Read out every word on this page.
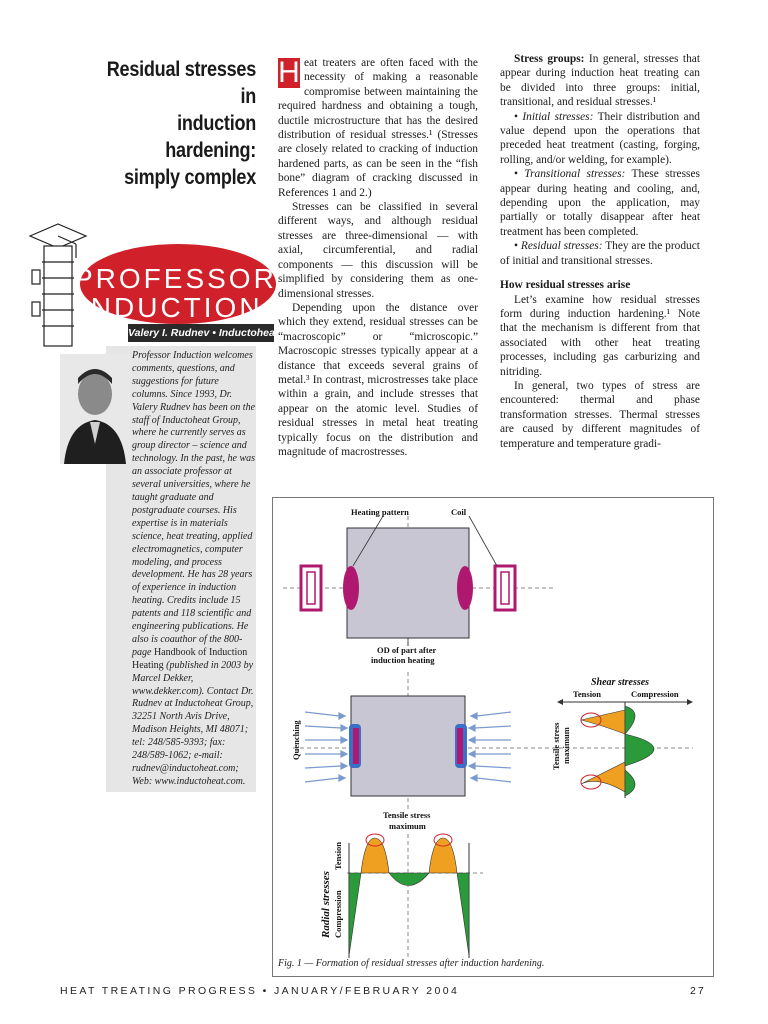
Residual stresses in
induction hardening:
simply complex
PROFESSOR
INDUCTION
Valery I. Rudnev • Inductoheat Group

Professor Induction welcomes comments, questions, and suggestions for future columns. Since 1993, Dr. Valery Rudnev has been on the staff of Inductoheat Group, where he currently serves as group director – science and technology. In the past, he was an associate professor at several universities, where he taught graduate and postgraduate courses. His expertise is in materials science, heat treating, applied electromagnetics, computer modeling, and process development. He has 28 years of experience in induction heating. Credits include 15 patents and 118 scientific and engineering publications. He also is coauthor of the 800-page Handbook of Induction Heating (published in 2003 by Marcel Dekker, www.dekker.com). Contact Dr. Rudnev at Inductoheat Group, 32251 North Avis Drive, Madison Heights, MI 48071; tel: 248/585-9393; fax: 248/589-1062; e-mail: rudnev@inductoheat.com; Web: www.inductoheat.com.

H eat treaters are often faced with the necessity of making a reasonable compromise between maintaining the required hardness and obtaining a tough, ductile microstructure that has the desired distribution of residual stresses.¹ (Stresses are closely related to cracking of induction hardened parts, as can be seen in the “fish bone” diagram of cracking discussed in References 1 and 2.)

Stresses can be classified in several different ways, and although residual stresses are three-dimensional — with axial, circumferential, and radial components — this discussion will be simplified by considering them as one-dimensional stresses.

Depending upon the distance over which they extend, residual stresses can be “macroscopic” or “microscopic.” Macroscopic stresses typically appear at a distance that exceeds several grains of metal.³ In contrast, microstresses take place within a grain, and include stresses that appear on the atomic level. Studies of residual stresses in metal heat treating typically focus on the distribution and magnitude of macrostresses.

Stress groups: In general, stresses that appear during induction heat treating can be divided into three groups: initial, transitional, and residual stresses.¹

• Initial stresses: Their distribution and value depend upon the operations that preceded heat treatment (casting, forging, rolling, and/or welding, for example).

• Transitional stresses: These stresses appear during heating and cooling, and, depending upon the application, may partially or totally disappear after heat treatment has been completed.

• Residual stresses: They are the product of initial and transitional stresses.

How residual stresses arise

Let’s examine how residual stresses form during induction hardening.¹ Note that the mechanism is different from that associated with other heat treating processes, including gas carburizing and nitriding.

In general, two types of stress are encountered: thermal and phase transformation stresses. Thermal stresses are caused by different magnitudes of temperature and temperature gradi-

Heating pattern	Coil
OD of part after
induction heating
Quenching
Shear stresses
Tension	Compression
Tensile stress maximum
Tensile stress
maximum
Radial stresses
Tension
Compression
Fig. 1 — Formation of residual stresses after induction hardening.
HEAT TREATING PROGRESS • JANUARY/FEBRUARY 2004	27
